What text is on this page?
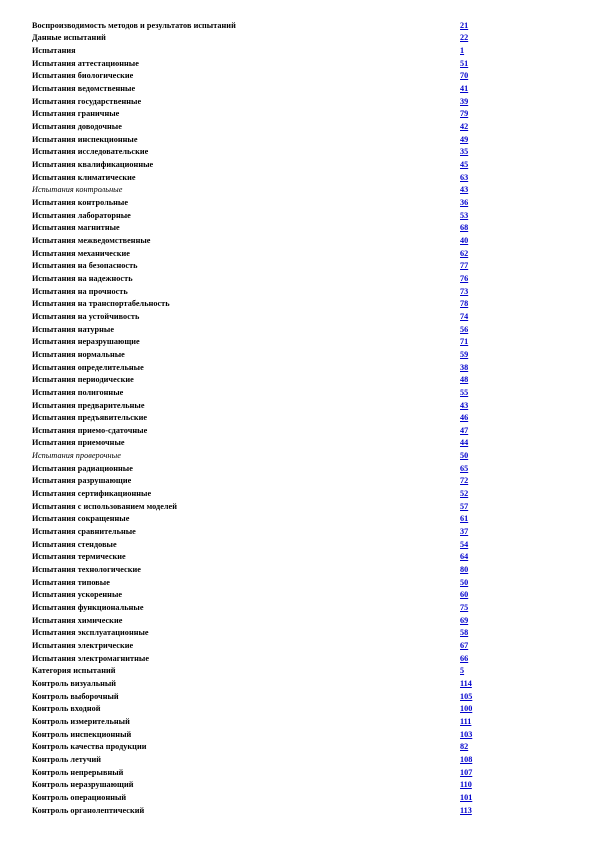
Воспроизводимость методов и результатов испытаний	21
Данные испытаний	22
Испытания	1
Испытания аттестационные	51
Испытания биологические	70
Испытания ведомственные	41
Испытания государственные	39
Испытания граничные	79
Испытания доводочные	42
Испытания инспекционные	49
Испытания исследовательские	35
Испытания квалификационные	45
Испытания климатические	63
Испытания контрольные	43
Испытания контрольные	36
Испытания лабораторные	53
Испытания магнитные	68
Испытания межведомственные	40
Испытания механические	62
Испытания на безопасность	77
Испытания на надежность	76
Испытания на прочность	73
Испытания на транспортабельность	78
Испытания на устойчивость	74
Испытания натурные	56
Испытания неразрушающие	71
Испытания нормальные	59
Испытания определительные	38
Испытания периодические	48
Испытания полигонные	55
Испытания предварительные	43
Испытания предъявительские	46
Испытания приемо-сдаточные	47
Испытания приемочные	44
Испытания проверочные	50
Испытания радиационные	65
Испытания разрушающие	72
Испытания сертификационные	52
Испытания с использованием моделей	57
Испытания сокращенные	61
Испытания сравнительные	37
Испытания стендовые	54
Испытания термические	64
Испытания технологические	80
Испытания типовые	50
Испытания ускоренные	60
Испытания функциональные	75
Испытания химические	69
Испытания эксплуатационные	58
Испытания электрические	67
Испытания электромагнитные	66
Категория испытаний	5
Контроль визуальный	114
Контроль выборочный	105
Контроль входной	100
Контроль измерительный	111
Контроль инспекционный	103
Контроль качества продукции	82
Контроль летучий	108
Контроль непрерывный	107
Контроль неразрушающий	110
Контроль операционный	101
Контроль органолептический	113
